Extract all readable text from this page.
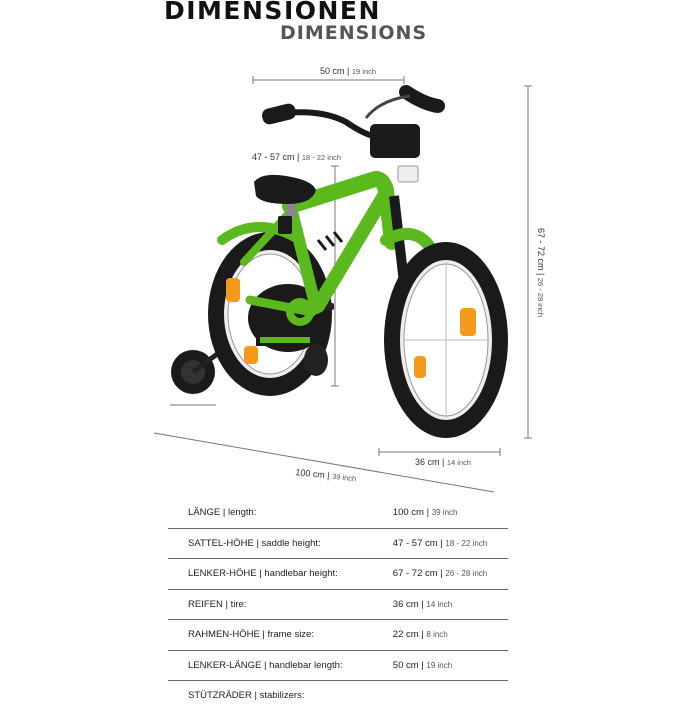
DIMENSIONEN
DIMENSIONS
50 cm | 19 inch
47 - 57 cm | 18 - 22 inch
67 - 72 cm | 26 - 28 inch
36 cm | 14 inch
100 cm | 39 inch
LÄNGE | length:	100 cm | 39 inch
SATTEL-HÖHE | saddle height:	47 - 57 cm | 18 - 22 inch
LENKER-HÖHE | handlebar height:	67 - 72 cm | 26 - 28 inch
REIFEN | tire:	36 cm | 14 inch
RAHMEN-HÖHE | frame size:	22 cm | 8 inch
LENKER-LÄNGE | handlebar length:	50 cm | 19 inch
STÜTZRÄDER | stabilizers:	
